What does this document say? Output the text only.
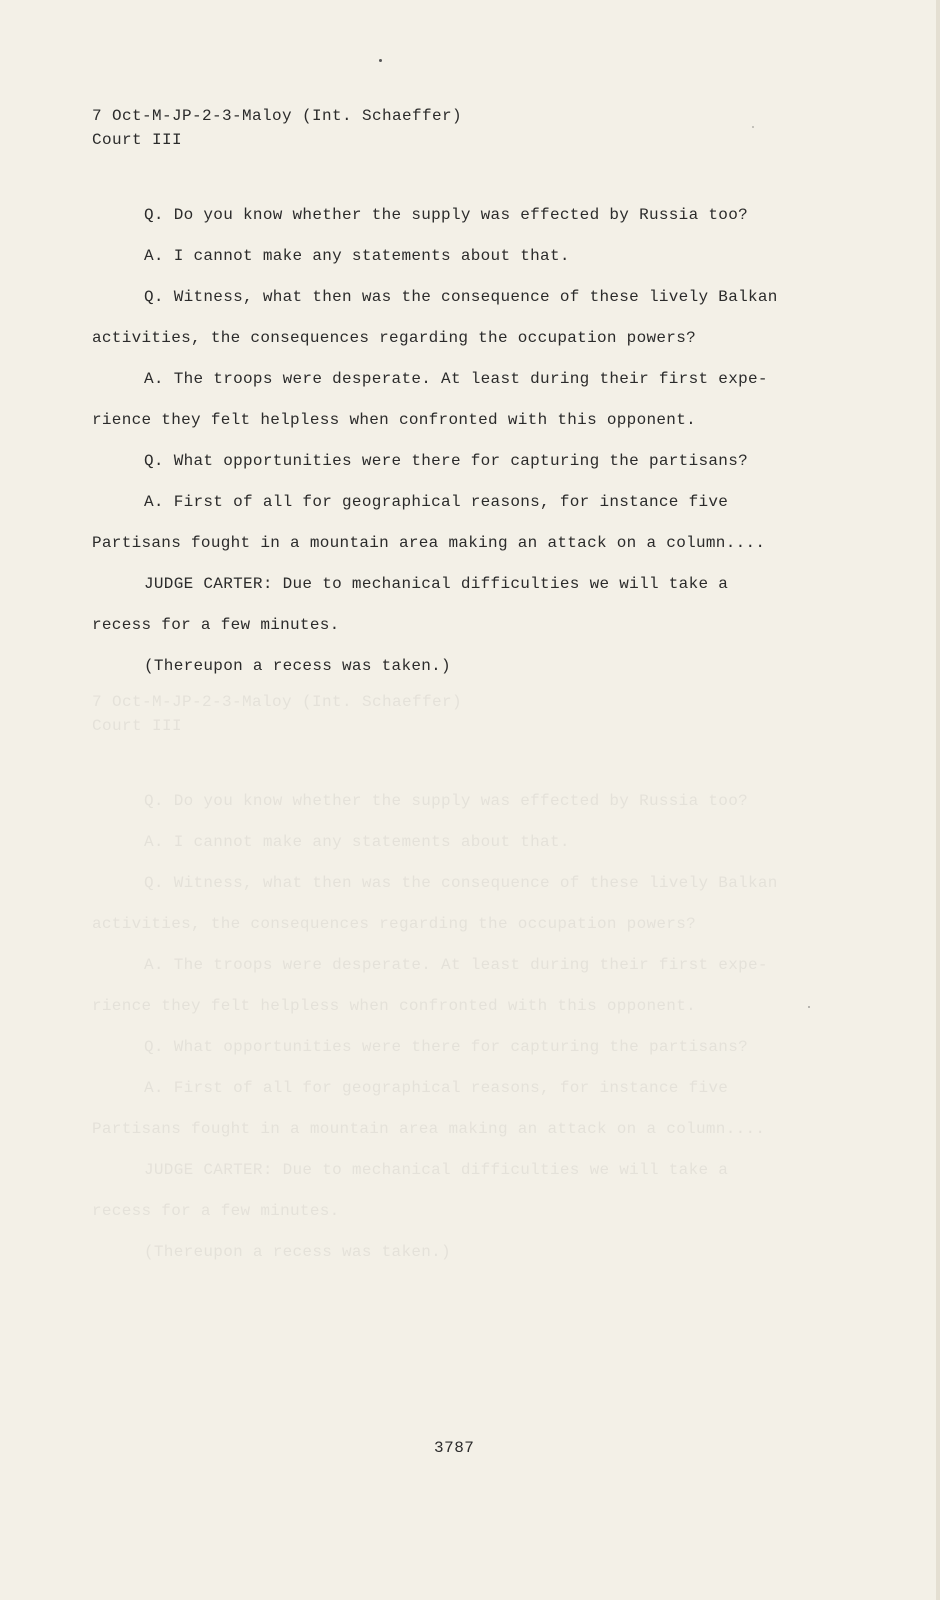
7 Oct-M-JP-2-3-Maloy (Int. Schaeffer)
Court III
Q. Do you know whether the supply was effected by Russia too?
A. I cannot make any statements about that.
Q. Witness, what then was the consequence of these lively Balkan
activities, the consequences regarding the occupation powers?
A. The troops were desperate. At least during their first expe-
rience they felt helpless when confronted with this opponent.
Q. What opportunities were there for capturing the partisans?
A. First of all for geographical reasons, for instance five
Partisans fought in a mountain area making an attack on a column....
JUDGE CARTER: Due to mechanical difficulties we will take a
recess for a few minutes.
(Thereupon a recess was taken.)
7 Oct-M-JP-2-3-Maloy (Int. Schaeffer)
Court III
Q. Do you know whether the supply was effected by Russia too?
A. I cannot make any statements about that.
Q. Witness, what then was the consequence of these lively Balkan
activities, the consequences regarding the occupation powers?
A. The troops were desperate. At least during their first expe-
rience they felt helpless when confronted with this opponent.
Q. What opportunities were there for capturing the partisans?
A. First of all for geographical reasons, for instance five
Partisans fought in a mountain area making an attack on a column....
JUDGE CARTER: Due to mechanical difficulties we will take a
recess for a few minutes.
(Thereupon a recess was taken.)
3787
